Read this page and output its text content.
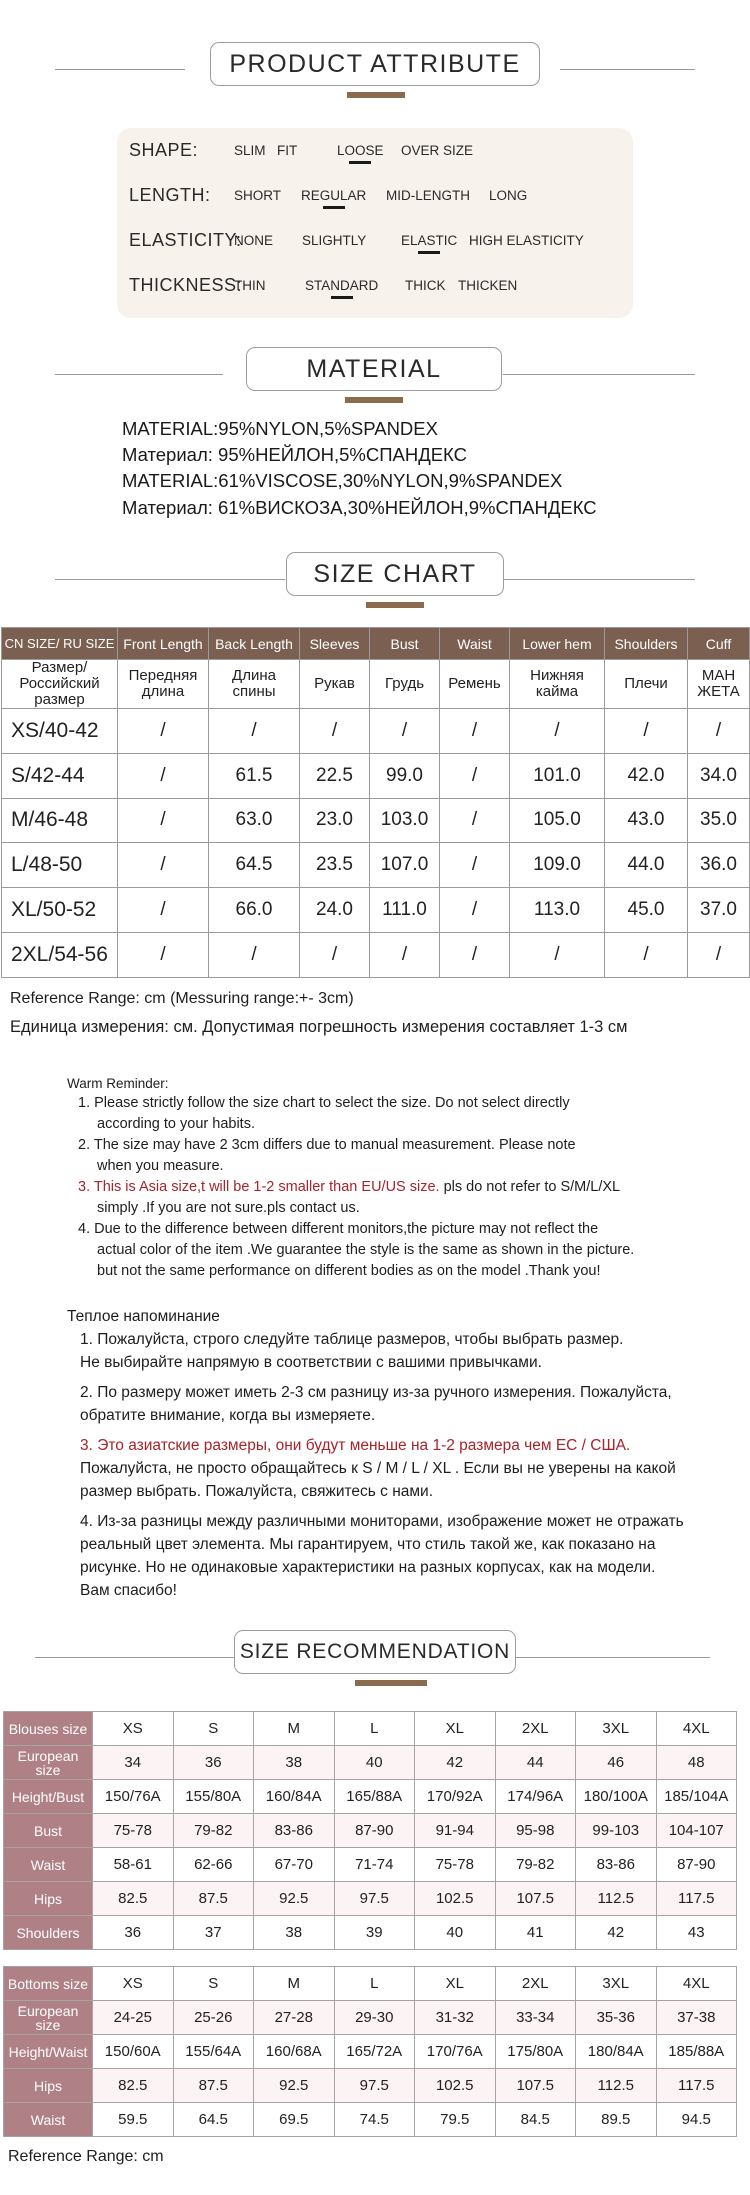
PRODUCT ATTRIBUTE
SHAPE:	SLIM FIT	LOOSE OVER SIZE
LENGTH: SHORT REGULAR MID-LENGTH LONG
ELASTICITY:
NONE SLIGHTLY	ELASTIC HIGH ELASTICITY
THICKNESS:
THIN	STANDARD THICK THICKEN
MATERIAL
MATERIAL:95%NYLON,5%SPANDEX
Материал: 95%НЕЙЛОН,5%СПАНДЕКС
MATERIAL:61%VISCOSE,30%NYLON,9%SPANDEX
Материал: 61%ВИСКОЗА,30%НЕЙЛОН,9%СПАНДЕКС
SIZE CHART
CN SIZE/ RU SIZE	Front Length	Back Length	Sleeves	Bust	Waist	Lower hem	Shoulders	Cuff
Размер/ Российский размер	Передняя длина	Длина спины	Рукав	Грудь	Ремень	Нижняя кайма	Плечи	МАН ЖЕТА
XS/40-42	/	/	/	/	/	/	/	/
S/42-44	/	61.5	22.5	99.0	/	101.0	42.0	34.0
M/46-48	/	63.0	23.0	103.0	/	105.0	43.0	35.0
L/48-50	/	64.5	23.5	107.0	/	109.0	44.0	36.0
XL/50-52	/	66.0	24.0	111.0	/	113.0	45.0	37.0
2XL/54-56	/	/	/	/	/	/	/	/
Reference Range: cm (Messuring range:+- 3cm)
Единица измерения: см. Допустимая погрешность измерения составляет 1-3 см
Warm Reminder:
1. Please strictly follow the size chart to select the size. Do not select directly
according to your habits.
2. The size may have 2 3cm differs due to manual measurement. Please note
when you measure.
3. This is Asia size,t will be 1-2 smaller than EU/US size. pls do not refer to S/M/L/XL
simply .If you are not sure.pls contact us.
4. Due to the difference between different monitors,the picture may not reflect the
actual color of the item .We guarantee the style is the same as shown in the picture.
but not the same performance on different bodies as on the model .Thank you!
Теплое напоминание
1. Пожалуйста, строго следуйте таблице размеров, чтобы выбрать размер.
Не выбирайте напрямую в соответствии с вашими привычками.
2. По размеру может иметь 2-3 см разницу из-за ручного измерения. Пожалуйста,
обратите внимание, когда вы измеряете.
3. Это азиатские размеры, они будут меньше на 1-2 размера чем ЕС / США.
Пожалуйста, не просто обращайтесь к S / M / L / XL . Если вы не уверены на какой
размер выбрать. Пожалуйста, свяжитесь с нами.
4. Из-за разницы между различными мониторами, изображение может не отражать
реальный цвет элемента. Мы гарантируем, что стиль такой же, как показано на
рисунке. Но не одинаковые характеристики на разных корпусах, как на модели.
Вам спасибо!
SIZE RECOMMENDATION
Blouses size	XS	S	M	L	XL	2XL	3XL	4XL
European size	34	36	38	40	42	44	46	48
Height/Bust	150/76A	155/80A	160/84A	165/88A	170/92A	174/96A	180/100A	185/104A
Bust	75-78	79-82	83-86	87-90	91-94	95-98	99-103	104-107
Waist	58-61	62-66	67-70	71-74	75-78	79-82	83-86	87-90
Hips	82.5	87.5	92.5	97.5	102.5	107.5	112.5	117.5
Shoulders	36	37	38	39	40	41	42	43
Bottoms size	XS	S	M	L	XL	2XL	3XL	4XL
European size	24-25	25-26	27-28	29-30	31-32	33-34	35-36	37-38
Height/Waist	150/60A	155/64A	160/68A	165/72A	170/76A	175/80A	180/84A	185/88A
Hips	82.5	87.5	92.5	97.5	102.5	107.5	112.5	117.5
Waist	59.5	64.5	69.5	74.5	79.5	84.5	89.5	94.5
Reference Range: cm
